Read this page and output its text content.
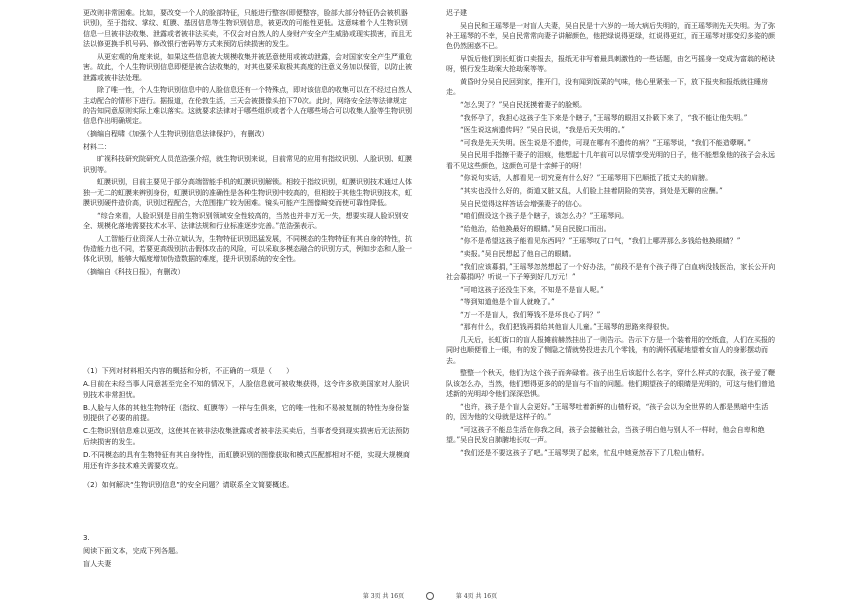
更改则非常困难。比如，要改变一个人的脸部特征，只能进行整容(即便整容，脸部大部分特征仍会被机器识别)，至于指纹、掌纹、虹膜、基因信息等生物识别信息，被更改的可能性更低。这意味着个人生物识别信息一旦被非法收集、泄露或者被非法买卖，不仅会对自然人的人身财产安全产生威胁或现实损害，而且无法以修更换手机号码、修改银行密码等方式来预防后续损害的发生。

从更宏观的角度来说，如果这些信息被大规模收集并被恶意使用或被动泄露，会对国家安全产生严重危害。故此，个人生物识别信息即便是被合法收集的，对其也要采取极其高度的注意义务加以保管，以防止被泄露或被非法处理。

除了唯一性，个人生物识别信息中的人脸信息还有一个特殊点，即对该信息的收集可以在不经过自然人主动配合的情形下进行。据报道，在伦敦生活，三天会被摄像头拍下70次。此时，网络安全法等法律规定的告知同意原则实际上难以落实。这就要求法律对于哪些组织或者个人在哪些场合可以收集人脸等生物识别信息作出明确规定。

（摘编自程啸《加强个人生物识别信息法律保护》，有删改）

材料二：

旷视科技研究院研究人员范浩强介绍，就生物识别来说，目前常见的应用有指纹识别、人脸识别、虹膜识别等。

虹膜识别，目前主要见于部分高端智能手机的虹膜识别解锁。相较于指纹识别，虹膜识别技术通过人体独一无二的虹膜来辨别身份，虹膜识别的准确性是各种生物识别中较高的，但相较于其他生物识别技术，虹膜识别硬件造价高，识别过程配合，大范围推广较为困难。镜头可能产生图像畸变而使可靠性降低。

“综合来看，人脸识别是目前生物识别领域安全性较高的，当然也并非万无一失，想要实现人脸识别安全、规模化落地需要技术水平、法律法规和行业标准逐步完善。”范浩强表示。

人工智能行业资深人士孙立斌认为，生物特征识别迅猛发展，不同模态的生物特征有其自身的特性，抗伪造能力也不同，若要更高级别抗击假体攻击的风险，可以采取多模态融合的识别方式，例如步态和人脸一体化识别，能够大幅度增加伪造数据的难度，提升识别系统的安全性。

（摘编自《科技日报》，有删改）

（1）下列对材料相关内容的概括和分析，不正确的一项是（　　）

A.目前在未经当事人同意甚至完全不知的情况下，人脸信息就可被收集获得，这令许多欧美国家对人脸识别技术非常担忧。

B.人脸与人体的其他生物特征（指纹、虹膜等）一样与生俱来，它的唯一性和不易被复制的特性为身份鉴别提供了必要的前提。

C.生物识别信息难以更改，这使其在被非法收集泄露或者被非法买卖后，当事者受到现实损害后无法预防后续损害的发生。

D.不同模态的具有生物特征有其自身特性，而虹膜识别的图像获取和模式匹配都相对不便，实现大规模商用还有许多技术难关需要攻克。

（2）如何解决“生物识别信息”的安全问题？请联系全文简要概述。

3.

阅读下面文本，完成下列各题。

盲人夫妻

迟子建

吴自民和王瑶琴是一对盲人夫妻，吴自民是十六岁的一场大病后失明的，而王瑶琴则先天失明。为了弥补王瑶琴的不幸，吴自民常常向妻子讲解颜色，他把绿说得更绿，红说得更红，而王瑶琴对那变幻多姿的颜色仍然困惑不已。

早饭后他们到长虹街口卖报去，报纸无非写着最具刺激性的一些话题，由乞丐摇身一变成为富翁的秘诀呀，银行发生劫案大抢劫案等等。

黄昏时分吴自民回到家，推开门，没有闻到饭菜的气味，他心里紧张一下，放下报夹和报纸就往睡房走。

“怎么哭了？”吴自民抚摸着妻子的脸颊。

“我怀孕了，我担心这孩子生下来是个瞎子，”王瑶琴的眼泪又扑簌下来了，“我不能让他失明。”

“医生说这病遗传吗？”吴自民说，“我是后天失明的。”

“可我是先天失明。医生说是不遗传，可现在哪有不遗传的病？”王瑶琴说，“我们不能造孽啊。”

吴自民用手指擦干妻子的泪痕，他想起十几年前可以尽情享受光明的日子，他不能想象他的孩子会永远看不见这些颜色，这颜色可是十亲鲜于的呀！

“你说句实话，人都看见一切究竟有什么好？”王瑶琴用下巴顺抵了抵丈夫的肩膀。

“其实也没什么好的，街道又脏又乱，人们脸上挂着阴险的笑容，到处是无聊的应酬。”

吴自民觉得这样答话会增强妻子的信心。

“咱们假设这个孩子是个瞎子，该怎么办？”王瑶琴问。

“给他治，给他换最好的眼睛。”吴自民脱口而出。

“你不是希望这孩子能看见东西吗？”王瑶琴叹了口气，“我们上哪弄那么多钱给他换眼睛？”

“卖报。”吴自民想起了他自己的眼睛。

“我们应该募捐，”王瑶琴忽然想起了一个好办法，“前段不是有个孩子得了白血病没钱医治，家长公开向社会募捐吗？听说一下子筹到好几万元！”

“可咱这孩子还没生下来，不知是不是盲人呢。”

“等到知道他是个盲人就晚了。”

“万一不是盲人，我们筹钱不是坏良心了吗？”

“那有什么，我们把钱再捐给其他盲人儿童。”王瑶琴的思路来得很快。

几天后，长虹街口的盲人报摊前赫然挂出了一则告示。告示下方是一个装着用的空纸盒，人们在买报的同时也顺便看上一眼，有的发了恻隐之情就势投进去几个零钱，有的满怀孤疑地望着女盲人的身影摆动而去。

整整一个秋天，他们为这个孩子而奔碌着。孩子出生后该起什么名字，穿什么样式的衣服，孩子爱了鞭队该怎么办，当然，他们想得更多的的是盲与不盲的问题。他们期望孩子的眼睛是光明的，可这与他们曾追述新的光明却令他们深深恐惧。

“也许，孩子是个盲人会更好。”王瑶琴吐着新鲜的山楂籽说，“孩子会以为全世界的人都是黑暗中生活的，因为他的父母就是这样子的。”

“可这孩子不能总生活在你我之间，孩子会接触社会，当孩子明白他与别人不一样时，他会自卑和绝望。”吴自民发自肺腑地长叹一声。

“我们还是不要这孩子了吧。”王瑶琴哭了起来，忙乱中她竟然吞下了几粒山楂籽。

第 3页 共 16页	第 4页 共 16页
